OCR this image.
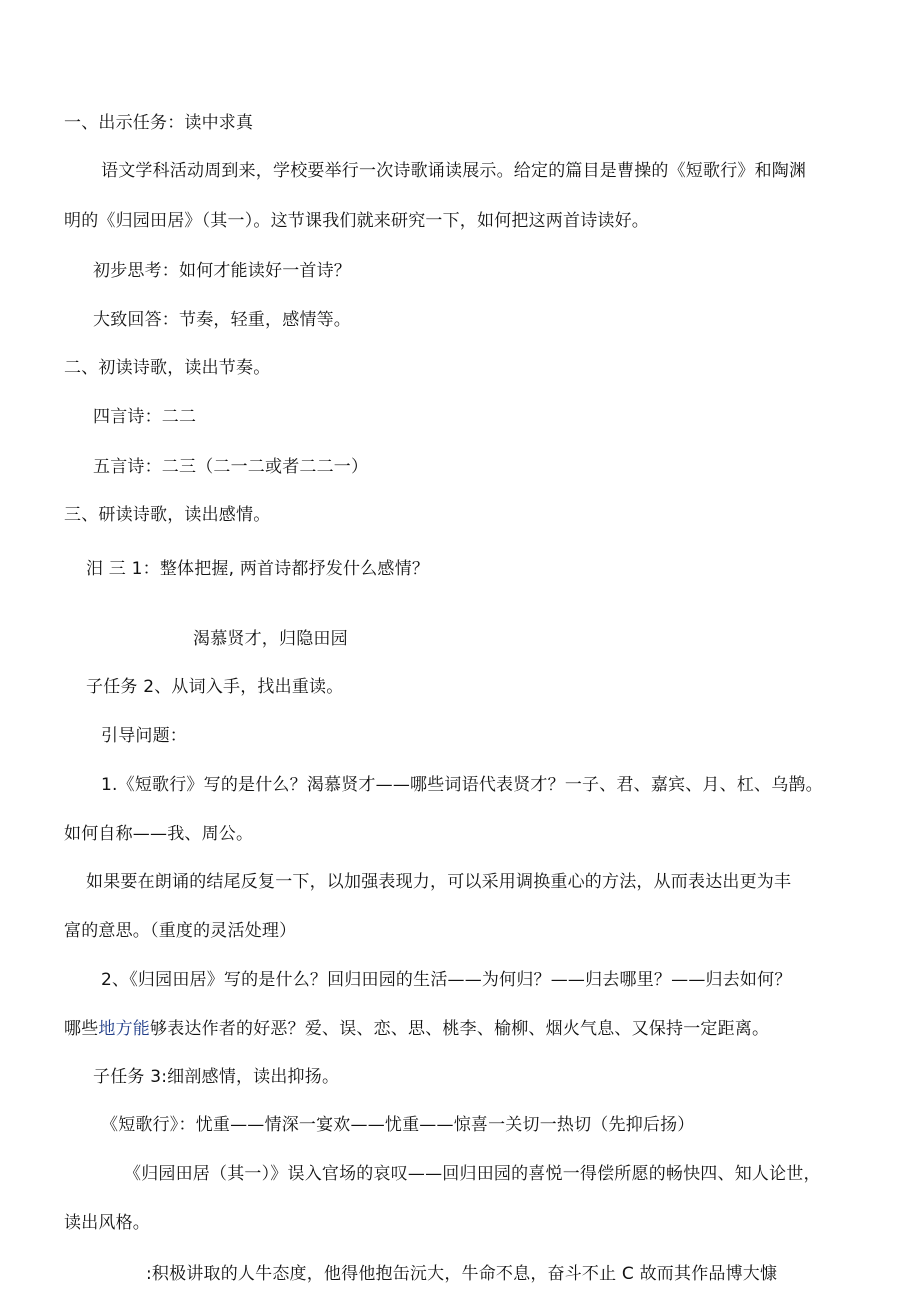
一、出示任务：读中求真
语文学科活动周到来，学校要举行一次诗歌诵读展示。给定的篇目是曹操的《短歌行》和陶渊
明的《归园田居》（其一）。这节课我们就来研究一下，如何把这两首诗读好。
初步思考：如何才能读好一首诗？
大致回答：节奏，轻重，感情等。
二、初读诗歌，读出节奏。
四言诗：二二
五言诗：二三（二一二或者二二一）
三、研读诗歌，读出感情。
汨 三 1：整体把握, 两首诗都抒发什么感情？
渴慕贤才，归隐田园
子任务 2、从词入手，找出重读。
引导问题：
1.《短歌行》写的是什么？渴慕贤才——哪些词语代表贤才？一子、君、嘉宾、月、杠、乌鹊。
如何自称——我、周公。
如果要在朗诵的结尾反复一下，以加强表现力，可以采用调换重心的方法，从而表达出更为丰
富的意思。（重度的灵活处理）
2、《归园田居》写的是什么？回归田园的生活——为何归？——归去哪里？——归去如何？
哪些地方能够表达作者的好恶？爱、误、恋、思、桃李、榆柳、烟火气息、又保持一定距离。
子任务 3:细剖感情，读出抑扬。
《短歌行》：忧重——情深一宴欢——忧重——惊喜一关切一热切（先抑后扬）
《归园田居（其一）》误入官场的哀叹——回归田园的喜悦一得偿所愿的畅快四、知人论世，
读出风格。
:积极讲取的人牛态度，他得他抱缶沅大，牛命不息，奋斗不止 C 故而其作品博大慷
